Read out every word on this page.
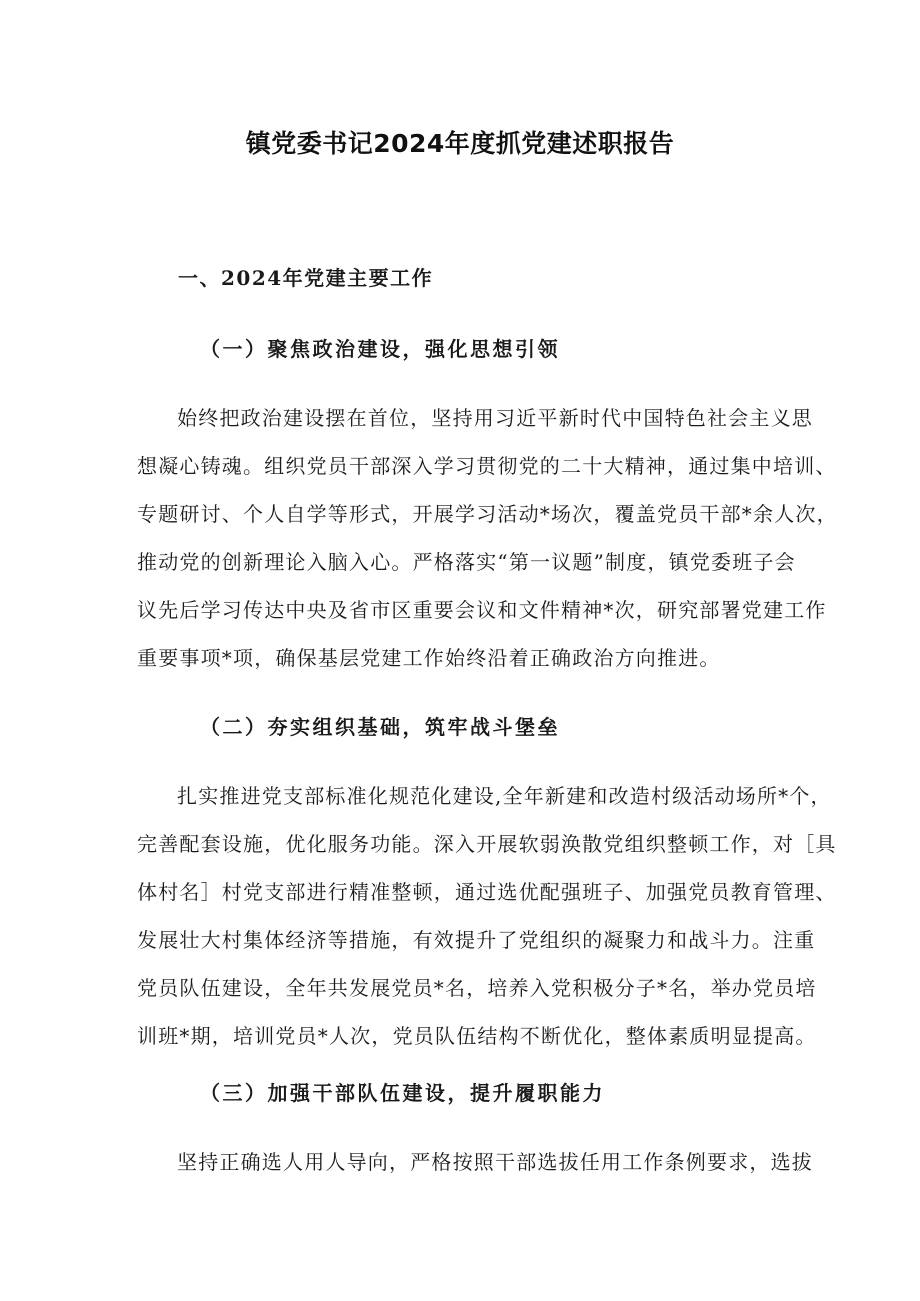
镇党委书记2024年度抓党建述职报告
一、2024年党建主要工作
（一）聚焦政治建设，强化思想引领
始终把政治建设摆在首位，坚持用习近平新时代中国特色社会主义思
想凝心铸魂。组织党员干部深入学习贯彻党的二十大精神，通过集中培训、
专题研讨、个人自学等形式，开展学习活动*场次，覆盖党员干部*余人次，
推动党的创新理论入脑入心。严格落实“第一议题”制度，镇党委班子会
议先后学习传达中央及省市区重要会议和文件精神*次，研究部署党建工作
重要事项*项，确保基层党建工作始终沿着正确政治方向推进。
（二）夯实组织基础，筑牢战斗堡垒
扎实推进党支部标准化规范化建设,全年新建和改造村级活动场所*个，
完善配套设施，优化服务功能。深入开展软弱涣散党组织整顿工作，对［具
体村名］村党支部进行精准整顿，通过选优配强班子、加强党员教育管理、
发展壮大村集体经济等措施，有效提升了党组织的凝聚力和战斗力。注重
党员队伍建设，全年共发展党员*名，培养入党积极分子*名，举办党员培
训班*期，培训党员*人次，党员队伍结构不断优化，整体素质明显提高。
（三）加强干部队伍建设，提升履职能力
坚持正确选人用人导向，严格按照干部选拔任用工作条例要求，选拔
